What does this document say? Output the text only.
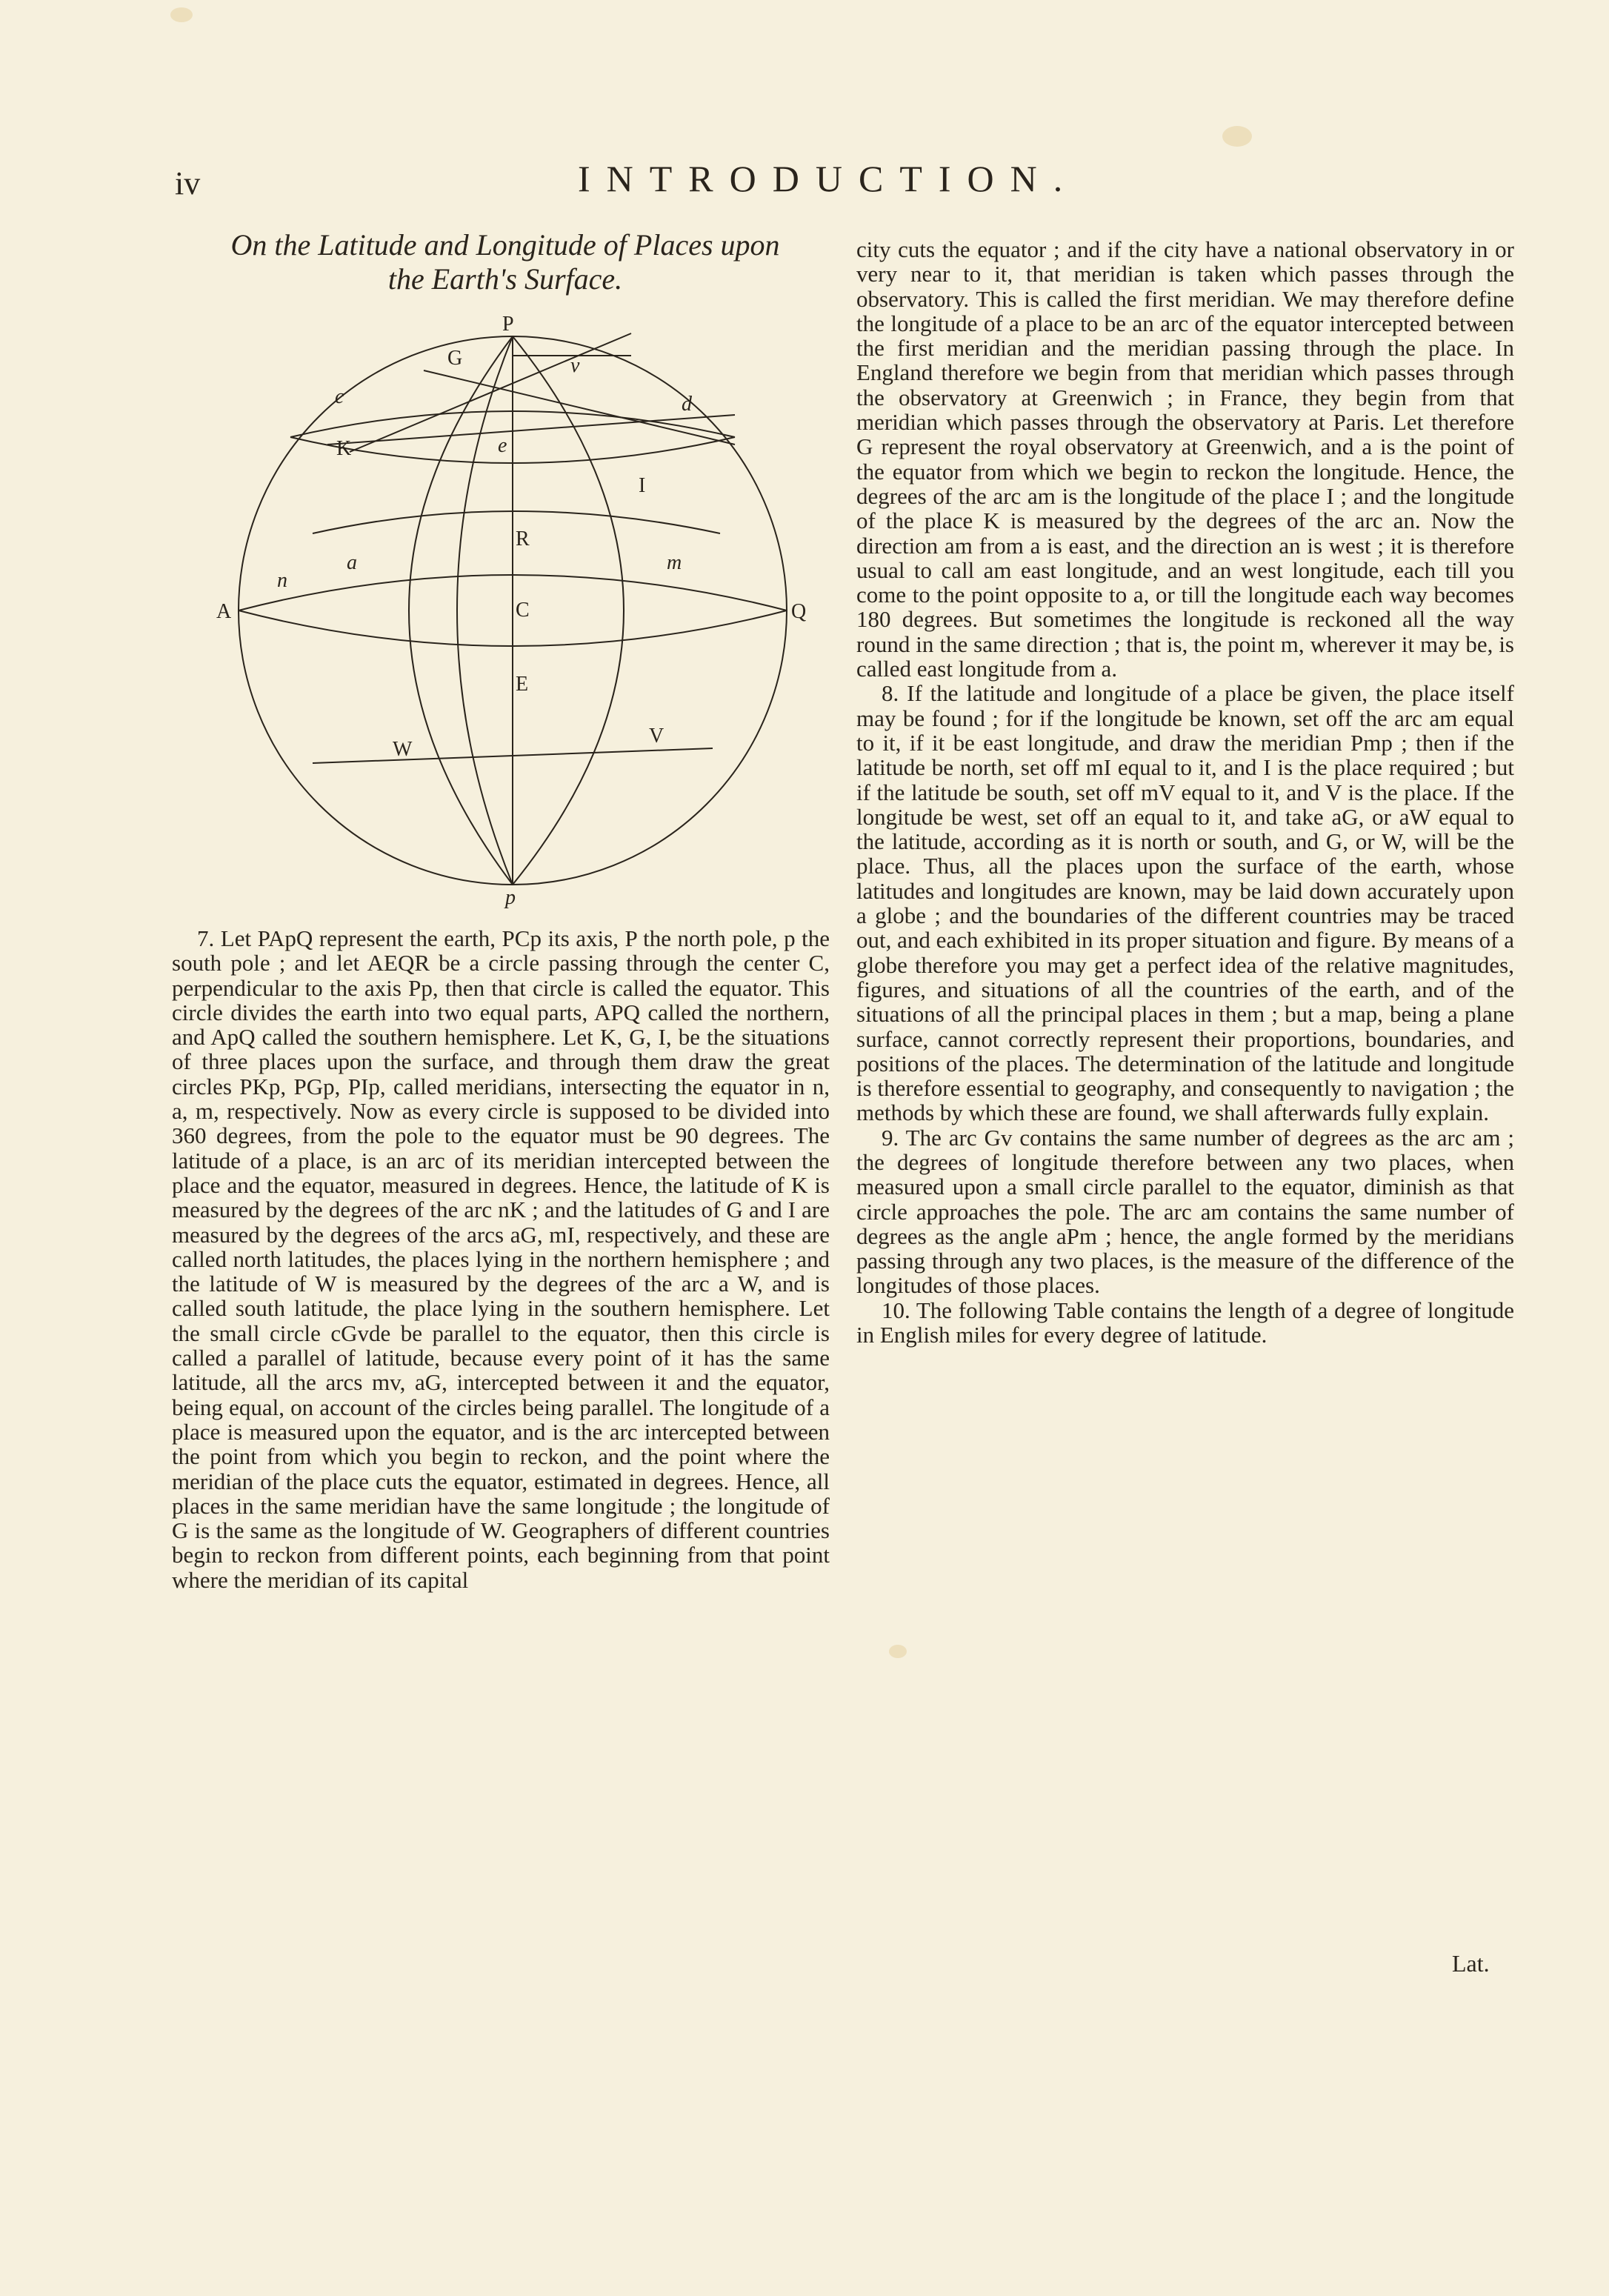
iv	INTRODUCTION.
On the Latitude and Longitude of Places upon
the Earth's Surface.
P
p
A	Q
c	d
G	v
K	e
I
R
n
a	m
C
E
W
V

7. Let PApQ represent the earth, PCp its axis, P the north pole, p the south pole ; and let AEQR be a circle passing through the center C, perpendicular to the axis Pp, then that circle is called the equator. This circle divides the earth into two equal parts, APQ called the northern, and ApQ called the southern hemisphere. Let K, G, I, be the situations of three places upon the surface, and through them draw the great circles PKp, PGp, PIp, called meridians, intersecting the equator in n, a, m, respectively. Now as every circle is supposed to be divided into 360 degrees, from the pole to the equator must be 90 degrees. The latitude of a place, is an arc of its meridian intercepted between the place and the equator, measured in degrees. Hence, the latitude of K is measured by the degrees of the arc nK ; and the latitudes of G and I are measured by the degrees of the arcs aG, mI, respectively, and these are called north latitudes, the places lying in the northern hemisphere ; and the latitude of W is measured by the degrees of the arc a W, and is called south latitude, the place lying in the southern hemisphere. Let the small circle cGvde be parallel to the equator, then this circle is called a parallel of latitude, because every point of it has the same latitude, all the arcs mv, aG, intercepted between it and the equator, being equal, on account of the circles being parallel. The longitude of a place is measured upon the equator, and is the arc intercepted between the point from which you begin to reckon, and the point where the meridian of the place cuts the equator, estimated in degrees. Hence, all places in the same meridian have the same longitude ; the longitude of G is the same as the longitude of W. Geographers of different countries begin to reckon from different points, each beginning from that point where the meridian of its capital

city cuts the equator ; and if the city have a national observatory in or very near to it, that meridian is taken which passes through the observatory. This is called the first meridian. We may therefore define the longitude of a place to be an arc of the equator intercepted between the first meridian and the meridian passing through the place. In England therefore we begin from that meridian which passes through the observatory at Greenwich ; in France, they begin from that meridian which passes through the observatory at Paris. Let therefore G represent the royal observatory at Greenwich, and a is the point of the equator from which we begin to reckon the longitude. Hence, the degrees of the arc am is the longitude of the place I ; and the longitude of the place K is measured by the degrees of the arc an. Now the direction am from a is east, and the direction an is west ; it is therefore usual to call am east longitude, and an west longitude, each till you come to the point opposite to a, or till the longitude each way becomes 180 degrees. But sometimes the longitude is reckoned all the way round in the same direction ; that is, the point m, wherever it may be, is called east longitude from a.

8. If the latitude and longitude of a place be given, the place itself may be found ; for if the longitude be known, set off the arc am equal to it, if it be east longitude, and draw the meridian Pmp ; then if the latitude be north, set off mI equal to it, and I is the place required ; but if the latitude be south, set off mV equal to it, and V is the place. If the longitude be west, set off an equal to it, and take aG, or aW equal to the latitude, according as it is north or south, and G, or W, will be the place. Thus, all the places upon the surface of the earth, whose latitudes and longitudes are known, may be laid down accurately upon a globe ; and the boundaries of the different countries may be traced out, and each exhibited in its proper situation and figure. By means of a globe therefore you may get a perfect idea of the relative magnitudes, figures, and situations of all the countries of the earth, and of the situations of all the principal places in them ; but a map, being a plane surface, cannot correctly represent their proportions, boundaries, and positions of the places. The determination of the latitude and longitude is therefore essential to geography, and consequently to navigation ; the methods by which these are found, we shall afterwards fully explain.

9. The arc Gv contains the same number of degrees as the arc am ; the degrees of longitude therefore between any two places, when measured upon a small circle parallel to the equator, diminish as that circle approaches the pole. The arc am contains the same number of degrees as the angle aPm ; hence, the angle formed by the meridians passing through any two places, is the measure of the difference of the longitudes of those places.

10. The following Table contains the length of a degree of longitude in English miles for every degree of latitude.

Lat.
